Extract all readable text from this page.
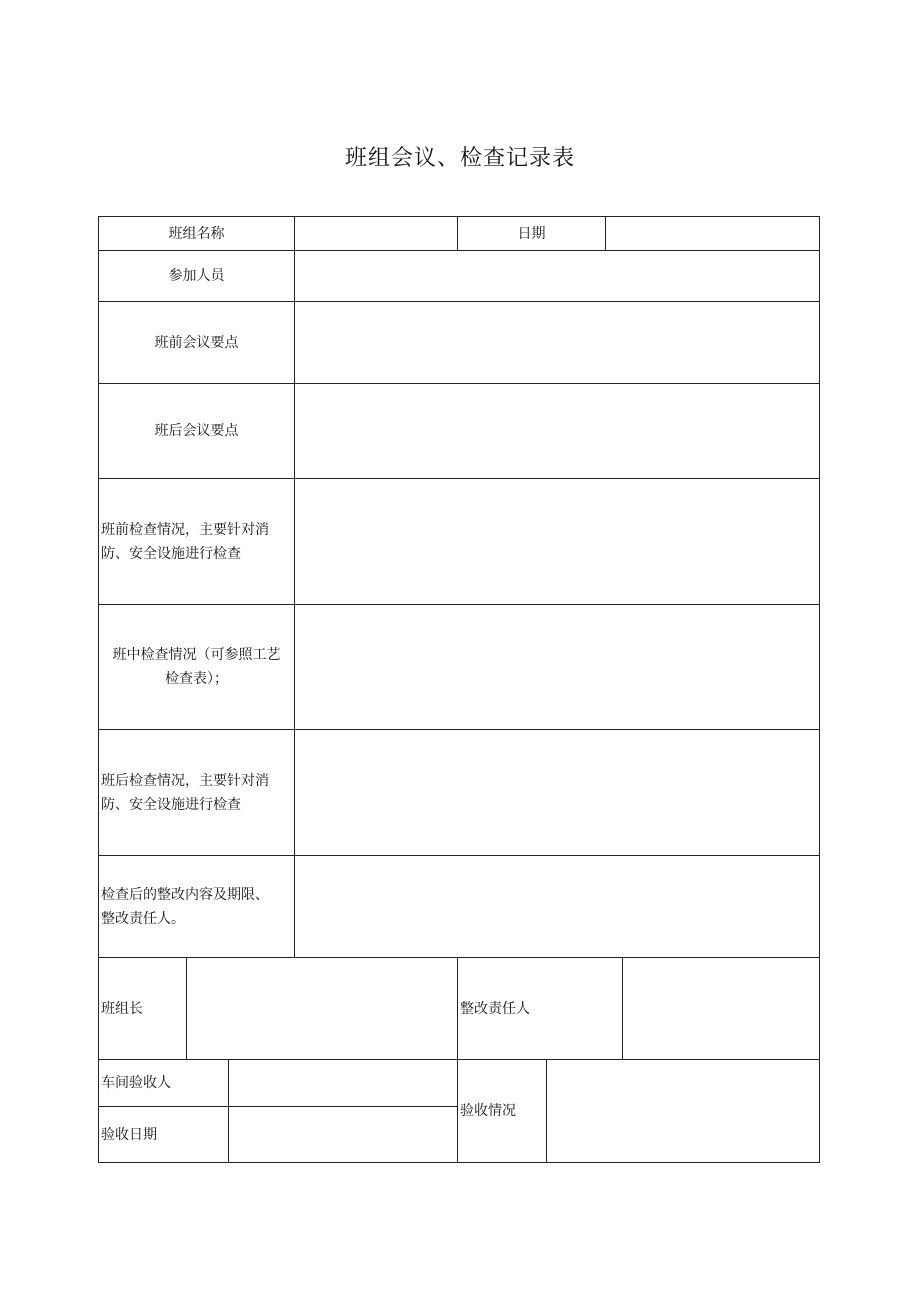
班组会议、检查记录表
班组名称	日期
参加人员
班前会议要点
班后会议要点
班前检查情况，主要针对消
防、安全设施进行检查
班中检查情况（可参照工艺
检查表）；
班后检查情况，主要针对消
防、安全设施进行检查
检查后的整改内容及期限、
整改责任人。
班组长	整改责任人
车间验收人
验收日期
验收情况
